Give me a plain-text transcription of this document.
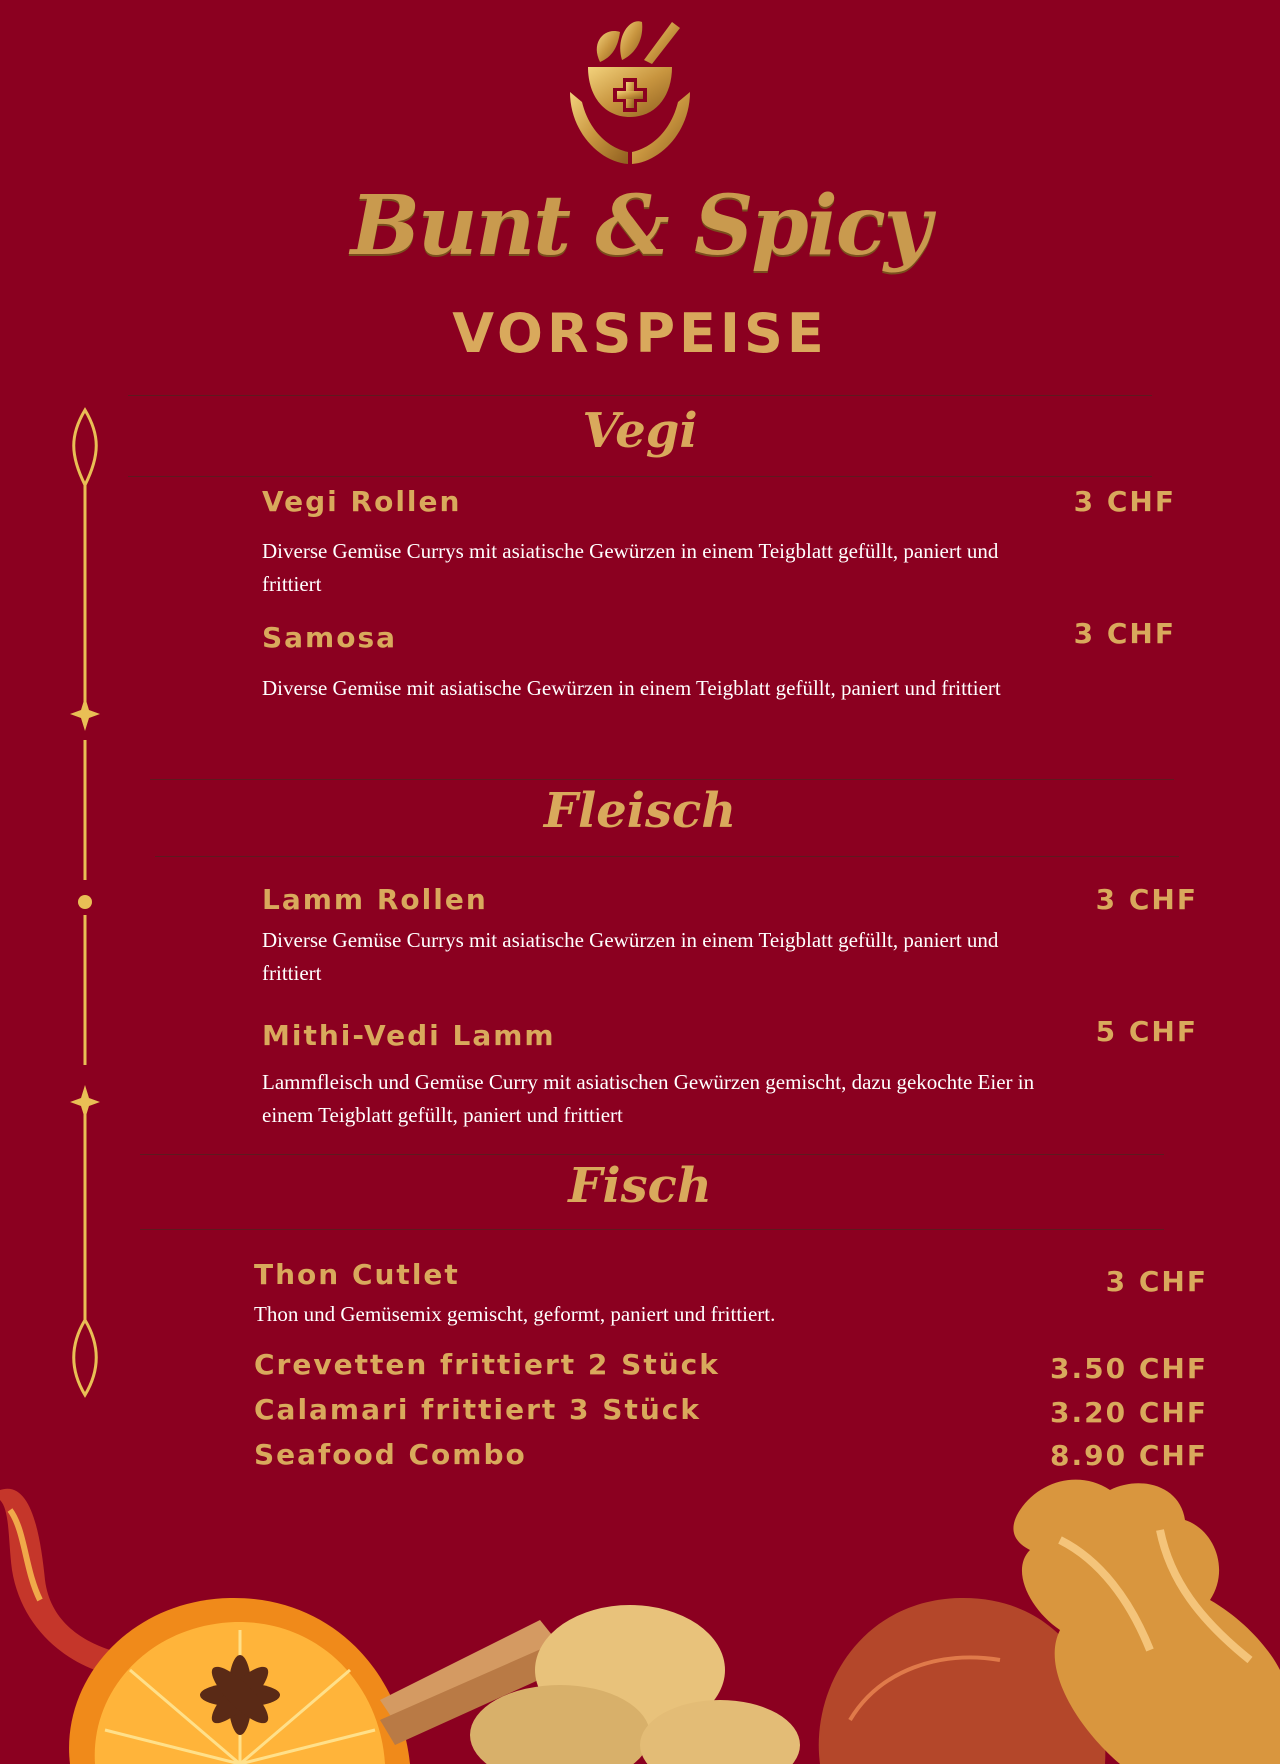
Bunt & Spicy
VORSPEISE
Vegi
Vegi Rollen	3 CHF
Diverse Gemüse Currys mit asiatische Gewürzen in einem Teigblatt gefüllt, paniert und frittiert
Samosa	3 CHF
Diverse Gemüse mit asiatische Gewürzen in einem Teigblatt gefüllt, paniert und frittiert
Fleisch
Lamm Rollen	3 CHF
Diverse Gemüse Currys mit asiatische Gewürzen in einem Teigblatt gefüllt, paniert und frittiert
Mithi-Vedi Lamm	5 CHF
Lammfleisch und Gemüse Curry mit asiatischen Gewürzen gemischt, dazu gekochte Eier in einem Teigblatt gefüllt, paniert und frittiert
Fisch
Thon Cutlet	3 CHF
Thon und Gemüsemix gemischt, geformt, paniert und frittiert.
Crevetten frittiert 2 Stück	3.50 CHF
Calamari frittiert 3 Stück	3.20 CHF
Seafood Combo	8.90 CHF
